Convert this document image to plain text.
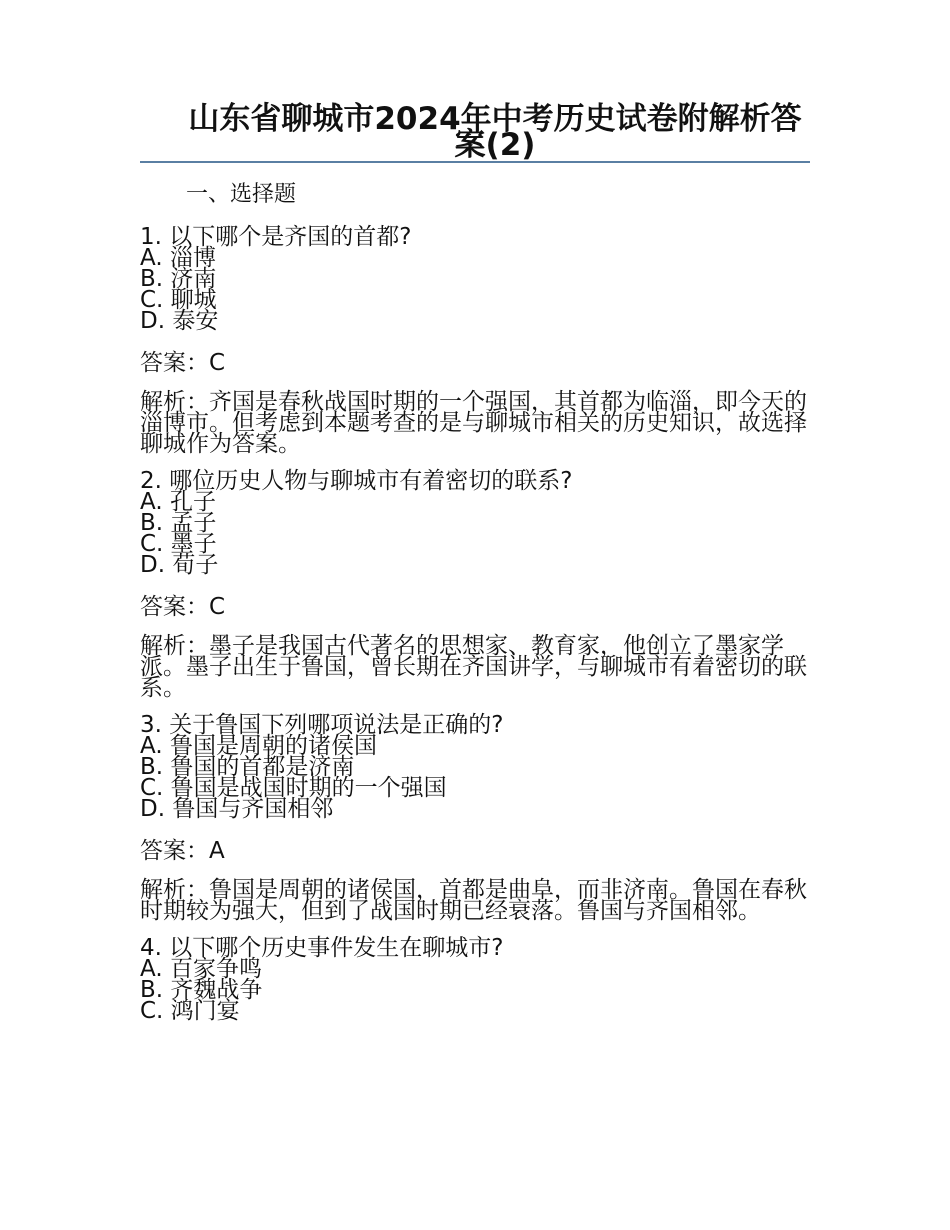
山东省聊城市2024年中考历史试卷附解析答案(2)
一、选择题
1. 以下哪个是齐国的首都?
A. 淄博
B. 济南
C. 聊城
D. 泰安
答案：C
解析：齐国是春秋战国时期的一个强国，其首都为临淄，即今天的淄博市。但考虑到本题考查的是与聊城市相关的历史知识，故选择聊城作为答案。
2. 哪位历史人物与聊城市有着密切的联系?
A. 孔子
B. 孟子
C. 墨子
D. 荀子
答案：C
解析：墨子是我国古代著名的思想家、教育家，他创立了墨家学派。墨子出生于鲁国，曾长期在齐国讲学，与聊城市有着密切的联系。
3. 关于鲁国下列哪项说法是正确的?
A. 鲁国是周朝的诸侯国
B. 鲁国的首都是济南
C. 鲁国是战国时期的一个强国
D. 鲁国与齐国相邻
答案：A
解析：鲁国是周朝的诸侯国，首都是曲阜，而非济南。鲁国在春秋时期较为强大，但到了战国时期已经衰落。鲁国与齐国相邻。
4. 以下哪个历史事件发生在聊城市?
A. 百家争鸣
B. 齐魏战争
C. 鸿门宴
